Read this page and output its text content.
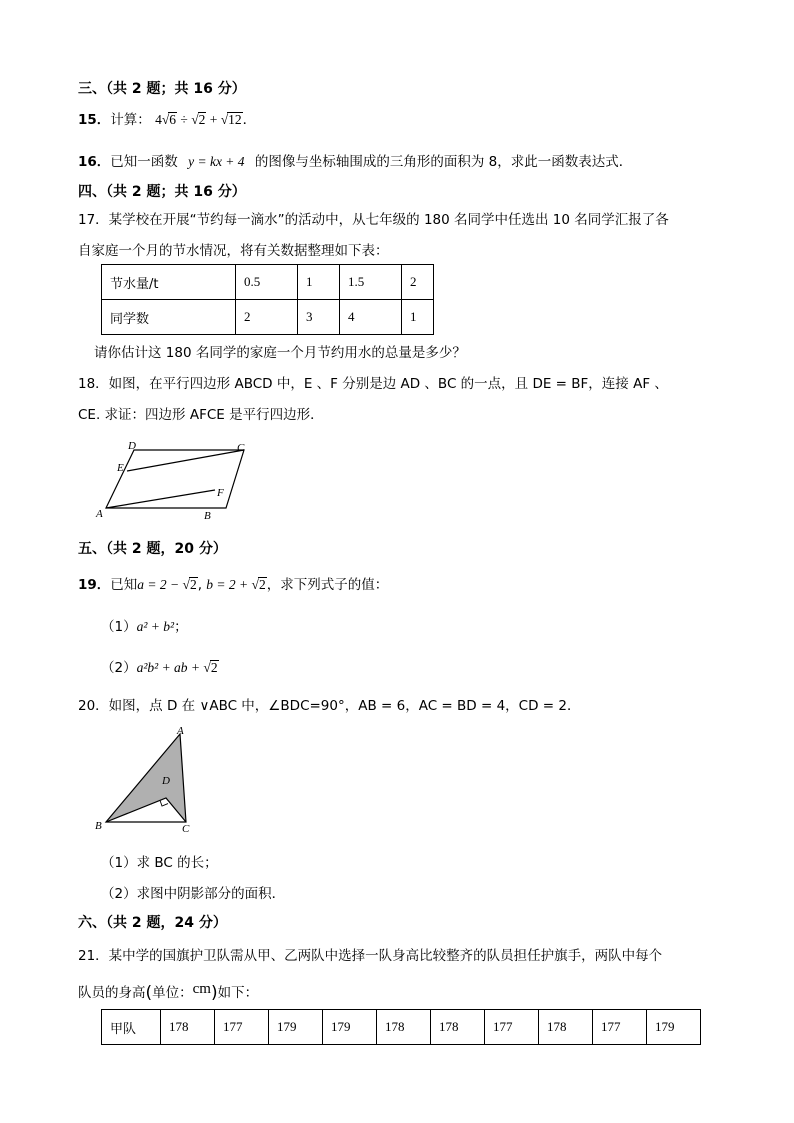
三、（共 2 题；共 16 分）
15．计算： 4√6 ÷ √2 + √12．
16．已知一函数 y = kx + 4 的图像与坐标轴围成的三角形的面积为 8，求此一函数表达式．
四、（共 2 题；共 16 分）
17．某学校在开展“节约每一滴水”的活动中，从七年级的 180 名同学中任选出 10 名同学汇报了各
自家庭一个月的节水情况，将有关数据整理如下表：
节水量/t	0.5	1	1.5	2
同学数	2	3	4	1
请你估计这 180 名同学的家庭一个月节约用水的总量是多少？
18．如图，在平行四边形 ABCD 中，E 、F 分别是边 AD 、BC 的一点，且 DE = BF，连接 AF 、
CE. 求证：四边形 AFCE 是平行四边形．
A	B
C
D
E
F
五、（共 2 题，20 分）
19．已知a = 2 − √2, b = 2 + √2，求下列式子的值：
（1）a² + b²；
（2）a²b² + ab + √2
20．如图，点 D 在 ∨ABC 中，∠BDC=90°，AB = 6，AC = BD = 4，CD = 2．
A
B	C
D
（1）求 BC 的长；
（2）求图中阴影部分的面积．
六、（共 2 题，24 分）
21．某中学的国旗护卫队需从甲、乙两队中选择一队身高比较整齐的队员担任护旗手，两队中每个
队员的身高(单位：cm)如下：
甲队	178	177	179	179	178	178	177	178	177	179
